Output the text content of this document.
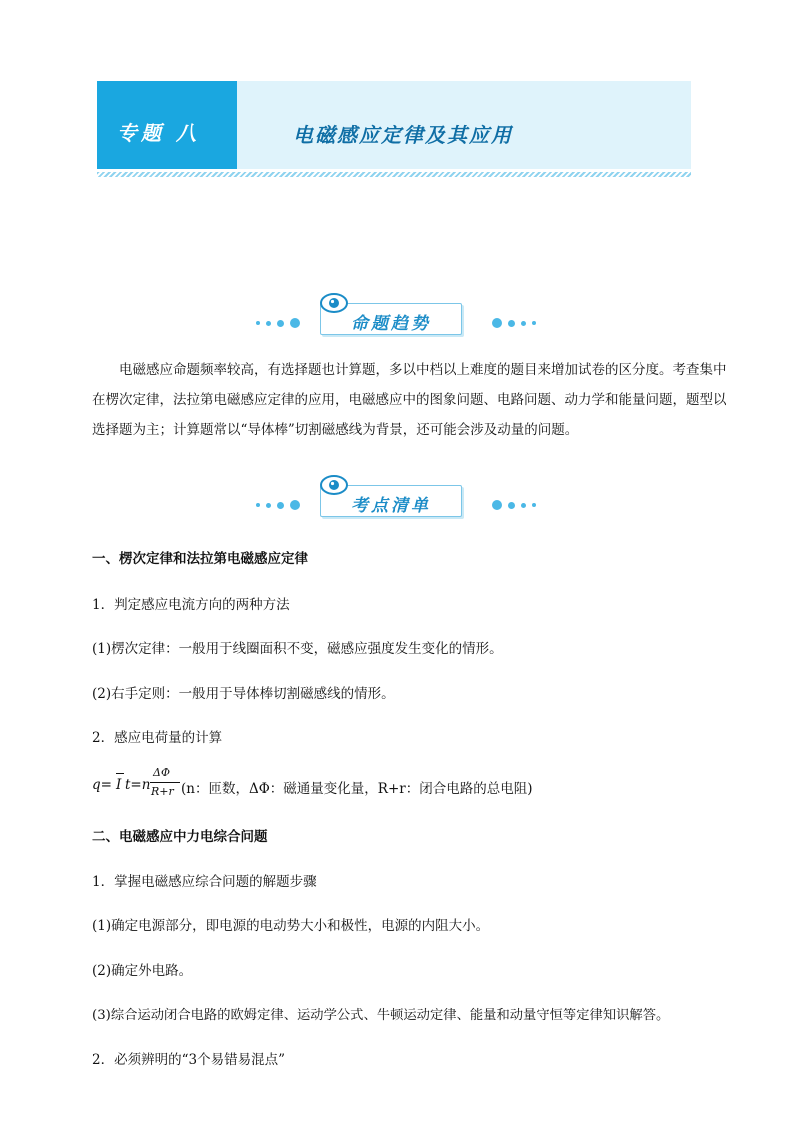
专题 八	电磁感应定律及其应用
命题趋势
电磁感应命题频率较高，有选择题也计算题，多以中档以上难度的题目来增加试卷的区分度。考查集中在楞次定律，法拉第电磁感应定律的应用，电磁感应中的图象问题、电路问题、动力学和能量问题，题型以选择题为主；计算题常以“导体棒”切割磁感线为背景，还可能会涉及动量的问题。
考点清单
一、楞次定律和法拉第电磁感应定律
1．判定感应电流方向的两种方法
(1)楞次定律：一般用于线圈面积不变，磁感应强度发生变化的情形。
(2)右手定则：一般用于导体棒切割磁感线的情形。
2．感应电荷量的计算
q= I t=n
ΔΦ
R+r (n：匝数，ΔΦ：磁通量变化量，R+r：闭合电路的总电阻)
二、电磁感应中力电综合问题
1．掌握电磁感应综合问题的解题步骤
(1)确定电源部分，即电源的电动势大小和极性，电源的内阻大小。
(2)确定外电路。
(3)综合运动闭合电路的欧姆定律、运动学公式、牛顿运动定律、能量和动量守恒等定律知识解答。
2．必须辨明的“3个易错易混点”
